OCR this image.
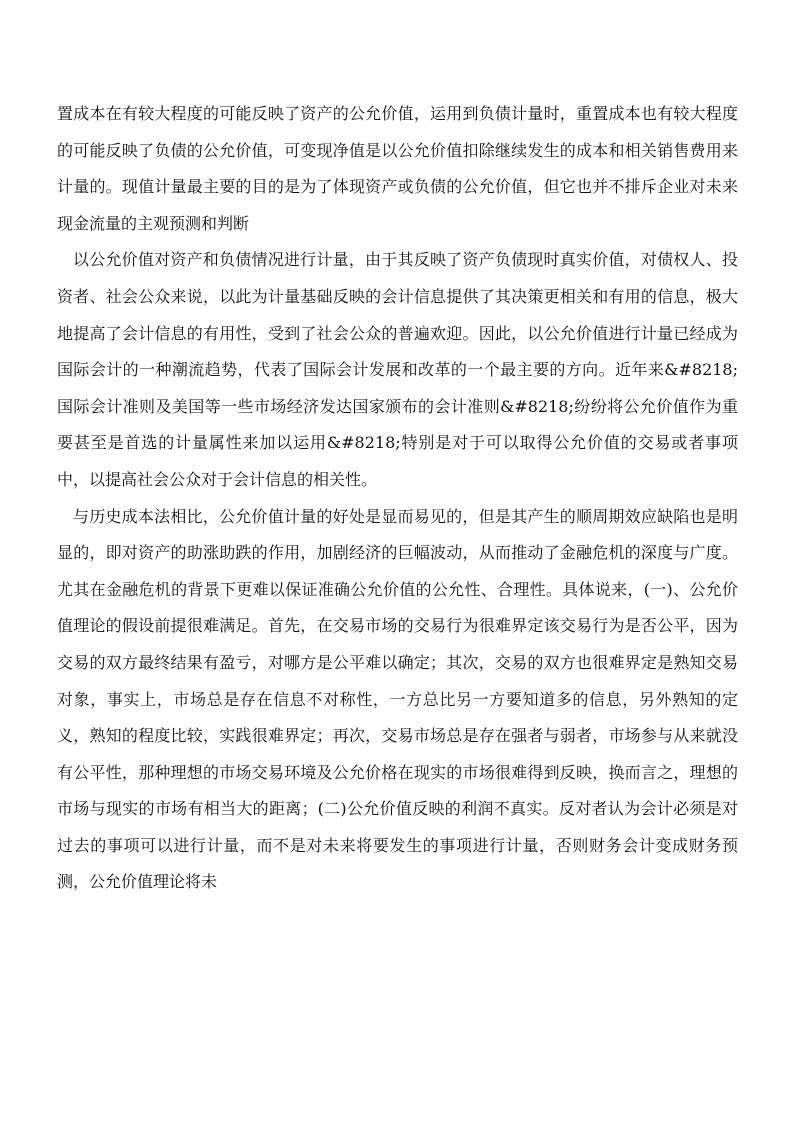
置成本在有较大程度的可能反映了资产的公允价值，运用到负债计量时，重置成本也有较大程度的可能反映了负债的公允价值，可变现净值是以公允价值扣除继续发生的成本和相关销售费用来计量的。现值计量最主要的目的是为了体现资产或负债的公允价值，但它也并不排斥企业对未来现金流量的主观预测和判断

以公允价值对资产和负债情况进行计量，由于其反映了资产负债现时真实价值，对债权人、投资者、社会公众来说，以此为计量基础反映的会计信息提供了其决策更相关和有用的信息，极大地提高了会计信息的有用性，受到了社会公众的普遍欢迎。因此，以公允价值进行计量已经成为国际会计的一种潮流趋势，代表了国际会计发展和改革的一个最主要的方向。近年来&#8218;国际会计准则及美国等一些市场经济发达国家颁布的会计准则&#8218;纷纷将公允价值作为重要甚至是首选的计量属性来加以运用&#8218;特别是对于可以取得公允价值的交易或者事项中，以提高社会公众对于会计信息的相关性。

与历史成本法相比，公允价值计量的好处是显而易见的，但是其产生的顺周期效应缺陷也是明显的，即对资产的助涨助跌的作用，加剧经济的巨幅波动，从而推动了金融危机的深度与广度。尤其在金融危机的背景下更难以保证准确公允价值的公允性、合理性。具体说来，(一)、公允价值理论的假设前提很难满足。首先，在交易市场的交易行为很难界定该交易行为是否公平，因为交易的双方最终结果有盈亏，对哪方是公平难以确定；其次，交易的双方也很难界定是熟知交易对象，事实上，市场总是存在信息不对称性，一方总比另一方要知道多的信息，另外熟知的定义，熟知的程度比较，实践很难界定；再次，交易市场总是存在强者与弱者，市场参与从来就没有公平性，那种理想的市场交易环境及公允价格在现实的市场很难得到反映，换而言之，理想的市场与现实的市场有相当大的距离；(二)公允价值反映的利润不真实。反对者认为会计必须是对过去的事项可以进行计量，而不是对未来将要发生的事项进行计量，否则财务会计变成财务预测，公允价值理论将未
